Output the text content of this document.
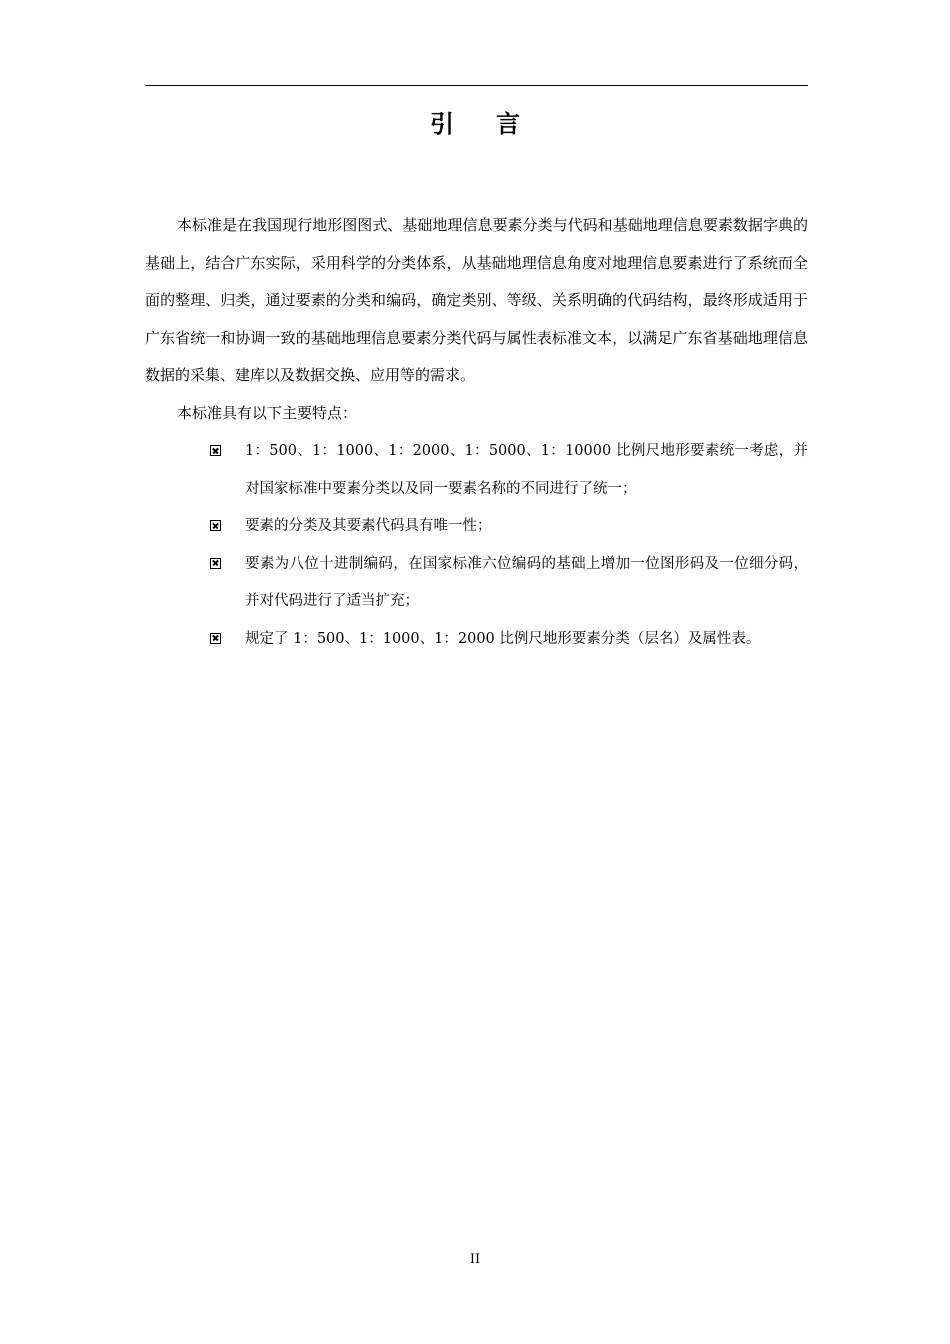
引言

本标准是在我国现行地形图图式、基础地理信息要素分类与代码和基础地理信息要素数据字典的基础上，结合广东实际，采用科学的分类体系，从基础地理信息角度对地理信息要素进行了系统而全面的整理、归类，通过要素的分类和编码，确定类别、等级、关系明确的代码结构，最终形成适用于广东省统一和协调一致的基础地理信息要素分类代码与属性表标准文本，以满足广东省基础地理信息数据的采集、建库以及数据交换、应用等的需求。

本标准具有以下主要特点：

1：500、1：1000、1：2000、1：5000、1：10000 比例尺地形要素统一考虑，并对国家标准中要素分类以及同一要素名称的不同进行了统一；
要素的分类及其要素代码具有唯一性；
要素为八位十进制编码，在国家标准六位编码的基础上增加一位图形码及一位细分码，并对代码进行了适当扩充；
规定了 1：500、1：1000、1：2000 比例尺地形要素分类（层名）及属性表。
II
